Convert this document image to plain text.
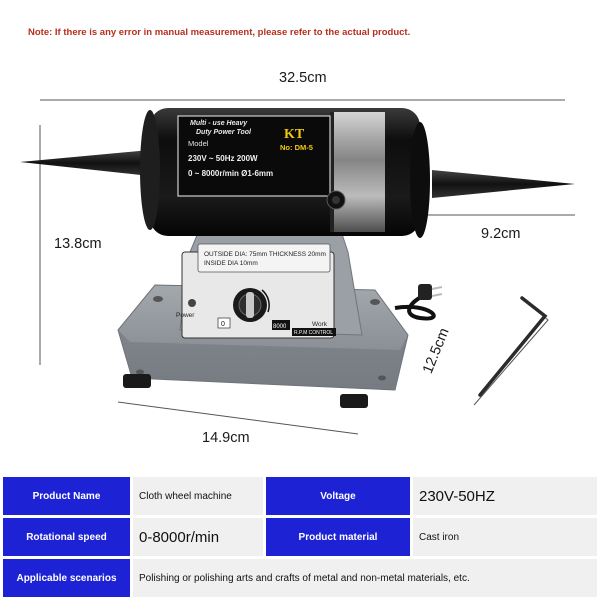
Note: If there is any error in manual measurement, please refer to the actual product.
OUTSIDE DIA: 75mm THICKNESS 20mm
INSIDE DIA 10mm
Power
0	8000	Work
R.P.M CONTROL
Multi - use Heavy
Duty Power Tool KT
Model	No: DM-5
230V ~ 50Hz 200W
0 ~ 8000r/min Ø1-6mm
32.5cm
13.8cm
9.2cm
14.9cm
12.5cm
Product Name	Cloth wheel machine	Voltage	230V-50HZ
Rotational speed	0-8000r/min	Product material	Cast iron
Applicable scenarios	Polishing or polishing arts and crafts of metal and non-metal materials, etc.		
